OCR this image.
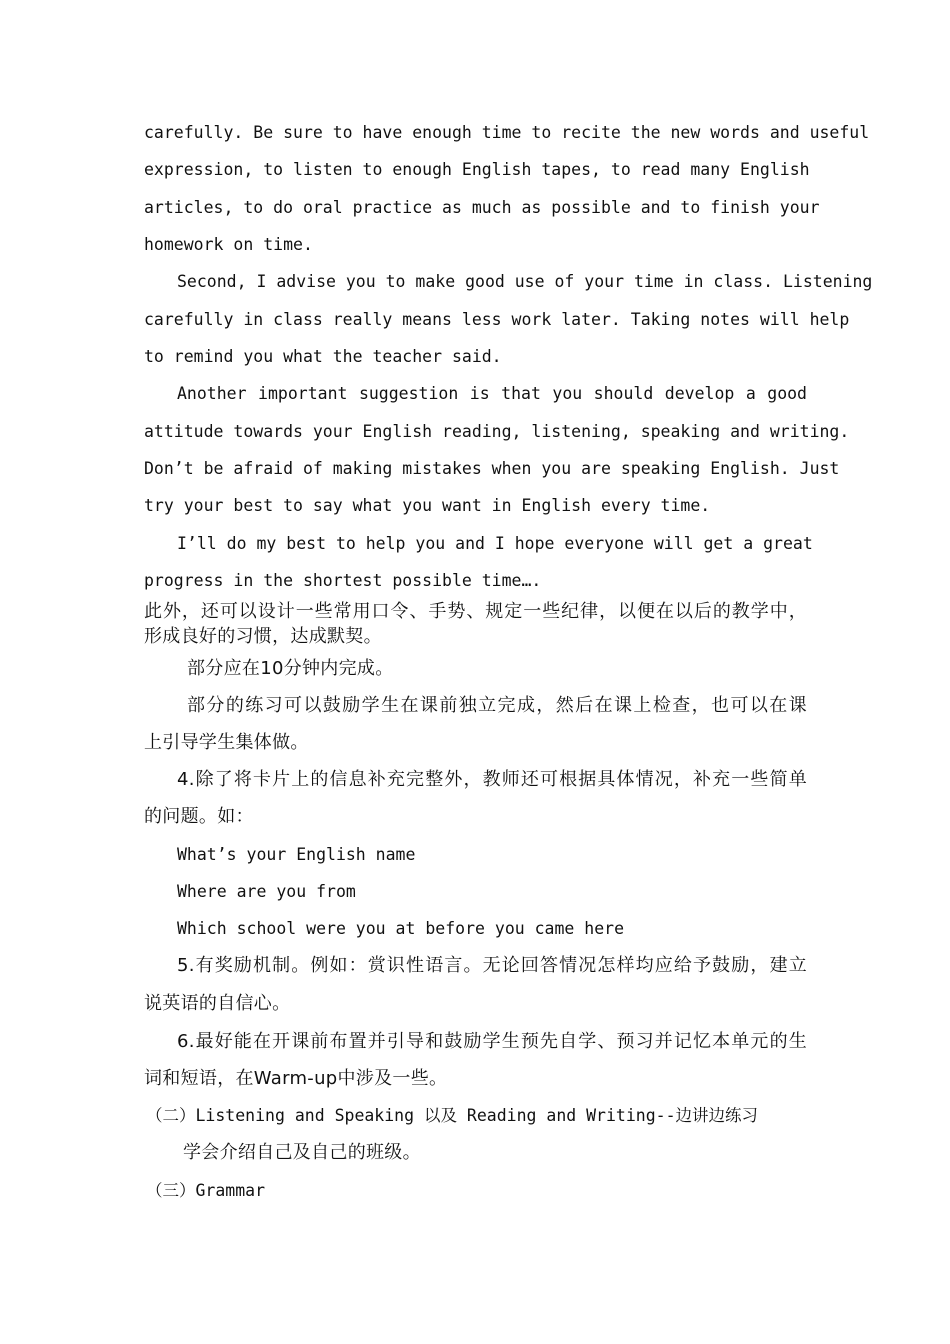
carefully. Be sure to have enough time to recite the new words and useful
expression, to listen to enough English tapes, to read many English
articles, to do oral practice as much as possible and to finish your
homework on time.
Second, I advise you to make good use of your time in class. Listening
carefully in class really means less work later. Taking notes will help
to remind you what the teacher said.
Another important suggestion is that you should develop a good
attitude towards your English reading, listening, speaking and writing.
Don’t be afraid of making mistakes when you are speaking English. Just
try your best to say what you want in English every time.
I’ll do my best to help you and I hope everyone will get a great
progress in the shortest possible time….
此外，还可以设计一些常用口令、手势、规定一些纪律，以便在以后的教学中，
形成良好的习惯，达成默契。
部分应在10分钟内完成。
部分的练习可以鼓励学生在课前独立完成，然后在课上检查，也可以在课
上引导学生集体做。
4.除了将卡片上的信息补充完整外，教师还可根据具体情况，补充一些简单
的问题。如：
What’s your English name
Where are you from
Which school were you at before you came here
5.有奖励机制。例如：赏识性语言。无论回答情况怎样均应给予鼓励，建立
说英语的自信心。
6.最好能在开课前布置并引导和鼓励学生预先自学、预习并记忆本单元的生
词和短语，在Warm-up中涉及一些。
（二）Listening and Speaking 以及 Reading and Writing--边讲边练习
学会介绍自己及自己的班级。
（三）Grammar
